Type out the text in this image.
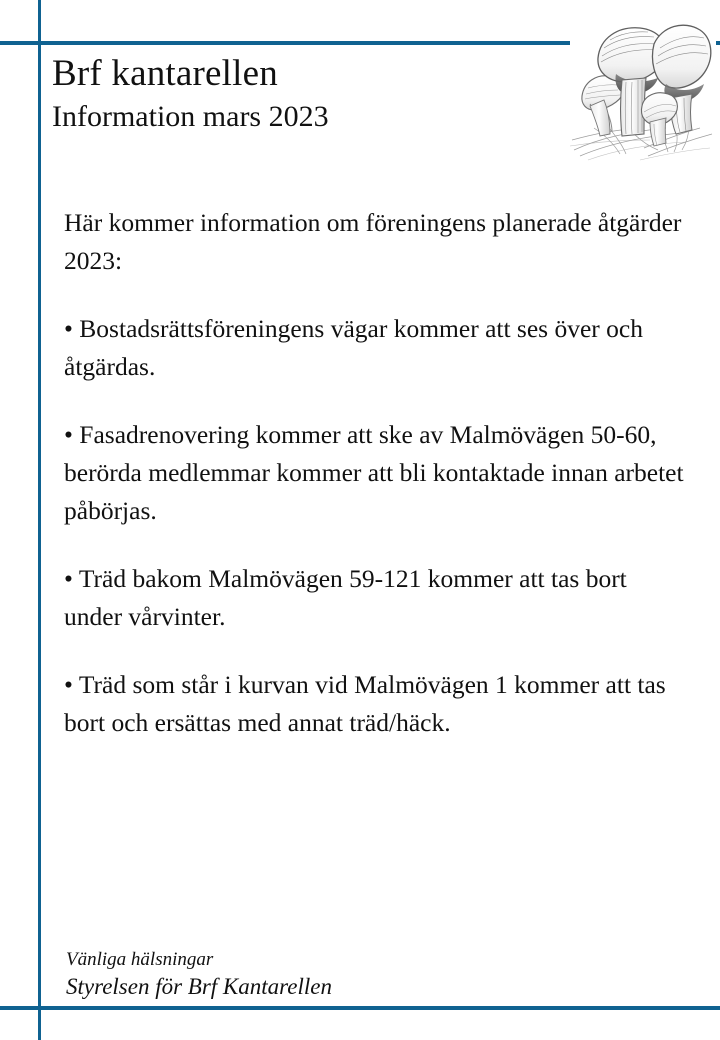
Brf kantarellen
Information mars 2023

Här kommer information om föreningens planerade åtgärder 2023:

• Bostadsrättsföreningens vägar kommer att ses över och åtgärdas.

• Fasadrenovering kommer att ske av Malmövägen 50-60, berörda medlemmar kommer att bli kontaktade innan arbetet påbörjas.

• Träd bakom Malmövägen 59-121 kommer att tas bort under vårvinter.

• Träd som står i kurvan vid Malmövägen 1 kommer att tas bort och ersättas med annat träd/häck.

Vänliga hälsningar

Styrelsen för Brf Kantarellen
